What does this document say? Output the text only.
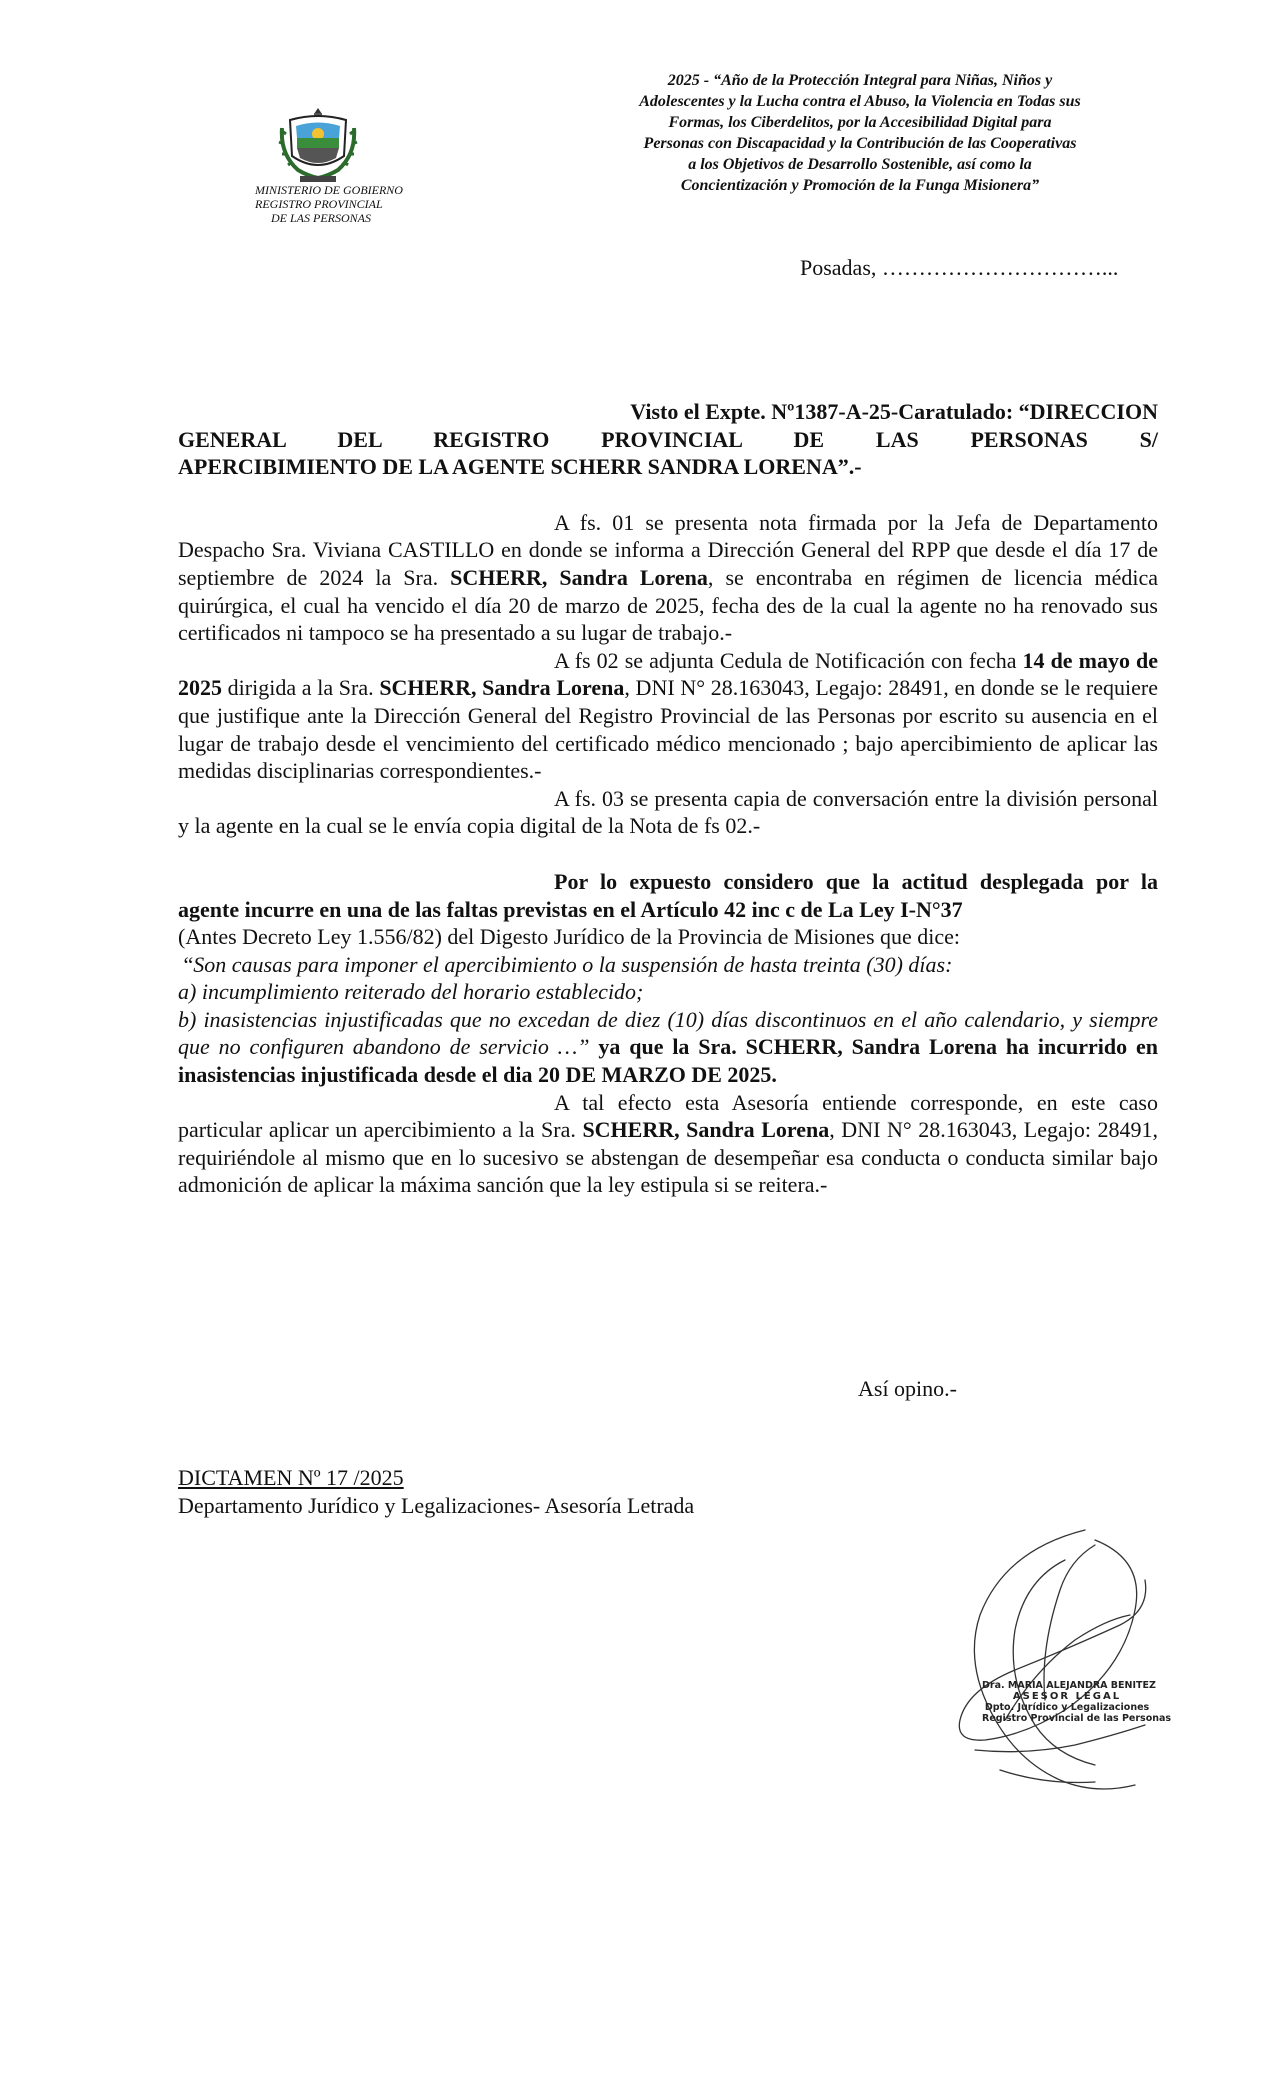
MINISTERIO DE GOBIERNO
REGISTRO PROVINCIAL
DE LAS PERSONAS
2025 - “Año de la Protección Integral para Niñas, Niños y
Adolescentes y la Lucha contra el Abuso, la Violencia en Todas sus
Formas, los Ciberdelitos, por la Accesibilidad Digital para
Personas con Discapacidad y la Contribución de las Cooperativas
a los Objetivos de Desarrollo Sostenible, así como la
Concientización y Promoción de la Funga Misionera”
Posadas, …………………………...
Visto el Expte. Nº1387-A-25-Caratulado: “DIRECCION
GENERAL DEL REGISTRO PROVINCIAL DE LAS PERSONAS S/
APERCIBIMIENTO DE LA AGENTE SCHERR SANDRA LORENA”.-

A fs. 01 se presenta nota firmada por la Jefa de Departamento Despacho Sra. Viviana CASTILLO en donde se informa a Dirección General del RPP que desde el día 17 de septiembre de 2024 la Sra. SCHERR, Sandra Lorena, se encontraba en régimen de licencia médica quirúrgica, el cual ha vencido el día 20 de marzo de 2025, fecha des de la cual la agente no ha renovado sus certificados ni tampoco se ha presentado a su lugar de trabajo.-

A fs 02 se adjunta Cedula de Notificación con fecha 14 de mayo de 2025 dirigida a la Sra. SCHERR, Sandra Lorena, DNI N° 28.163043, Legajo: 28491, en donde se le requiere que justifique ante la Dirección General del Registro Provincial de las Personas por escrito su ausencia en el lugar de trabajo desde el vencimiento del certificado médico mencionado ; bajo apercibimiento de aplicar las medidas disciplinarias correspondientes.-

A fs. 03 se presenta capia de conversación entre la división personal y la agente en la cual se le envía copia digital de la Nota de fs 02.-

Por lo expuesto considero que la actitud desplegada por la agente incurre en una de las faltas previstas en el Artículo 42 inc c de La Ley I-N°37
(Antes Decreto Ley 1.556/82) del Digesto Jurídico de la Provincia de Misiones que dice:
“Son causas para imponer el apercibimiento o la suspensión de hasta treinta (30) días:
a) incumplimiento reiterado del horario establecido;
b) inasistencias injustificadas que no excedan de diez (10) días discontinuos en el año calendario, y siempre que no configuren abandono de servicio …” ya que la Sra. SCHERR, Sandra Lorena ha incurrido en inasistencias injustificada desde el dia 20 DE MARZO DE 2025.

A tal efecto esta Asesoría entiende corresponde, en este caso particular aplicar un apercibimiento a la Sra. SCHERR, Sandra Lorena, DNI N° 28.163043, Legajo: 28491, requiriéndole al mismo que en lo sucesivo se abstengan de desempeñar esa conducta o conducta similar bajo admonición de aplicar la máxima sanción que la ley estipula si se reitera.-

Así opino.-
DICTAMEN Nº 17 /2025
Departamento Jurídico y Legalizaciones- Asesoría Letrada
Dra. MARIA ALEJANDRA BENITEZ
ASESOR LEGAL
Dpto. Jurídico y Legalizaciones
Registro Provincial de las Personas
